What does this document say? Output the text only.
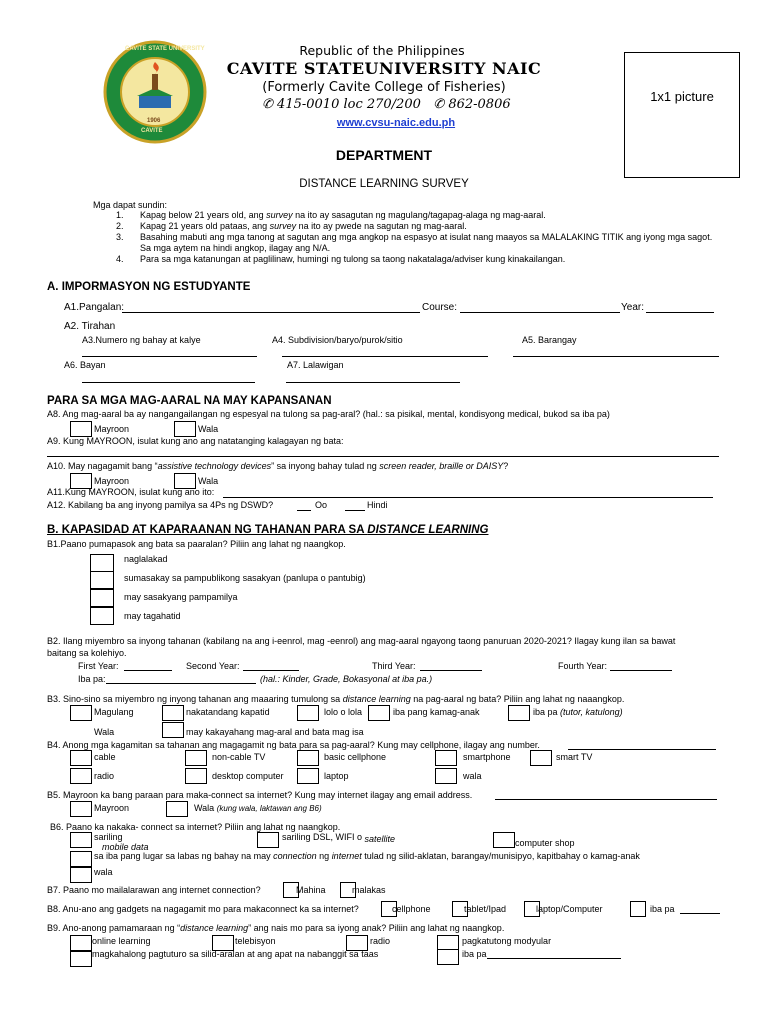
CAVITE STATE UNIVERSITY
CAVITE
1906
Republic of the Philippines
CAVITE STATEUNIVERSITY NAIC
(Formerly Cavite College of Fisheries)
✆ 415-0010 loc 270/200 ✆ 862-0806
www.cvsu-naic.edu.ph
1x1 picture
DEPARTMENT
DISTANCE LEARNING SURVEY
Mga dapat sundin:
1. Kapag below 21 years old, ang survey na ito ay sasagutan ng magulang/tagapag-alaga ng mag-aaral.
2. Kapag 21 years old pataas, ang survey na ito ay pwede na sagutan ng mag-aaral.
3. Basahing mabuti ang mga tanong at sagutan ang mga angkop na espasyo at isulat nang maayos sa MALALAKING TITIK ang iyong mga sagot.
Sa mga aytem na hindi angkop, ilagay ang N/A.
4. Para sa mga katanungan at paglilinaw, humingi ng tulong sa taong nakatalaga/adviser kung kinakailangan.
A. IMPORMASYON NG ESTUDYANTE
A1.Pangalan:	Course:	Year:
A2. Tirahan
A3.Numero ng bahay at kalye	A4. Subdivision/baryo/purok/sitio	A5. Barangay
A6. Bayan	A7. Lalawigan
PARA SA MGA MAG-AARAL NA MAY KAPANSANAN
A8. Ang mag-aaral ba ay nangangailangan ng espesyal na tulong sa pag-aral? (hal.: sa pisikal, mental, kondisyong medical, bukod sa iba pa)
Mayroon	Wala
A9. Kung MAYROON, isulat kung ano ang natatanging kalagayan ng bata:
A10. May nagagamit bang “assistive technology devices” sa inyong bahay tulad ng screen reader, braille or DAISY?
Mayroon	Wala
A11.Kung MAYROON, isulat kung ano ito:
A12. Kabilang ba ang inyong pamilya sa 4Ps ng DSWD?	Oo	Hindi
B. KAPASIDAD AT KAPARAANAN NG TAHANAN PARA SA DISTANCE LEARNING
B1.Paano pumapasok ang bata sa paaralan? Piliin ang lahat ng naangkop.
naglalakad
sumasakay sa pampublikong sasakyan (panlupa o pantubig)
may sasakyang pampamilya
may tagahatid
B2. Ilang miyembro sa inyong tahanan (kabilang na ang i-eenrol, mag -eenrol) ang mag-aaral ngayong taong panuruan 2020-2021? Ilagay kung ilan sa bawat
baitang sa kolehiyo.
First Year:	Second Year:	Third Year:	Fourth Year:
Iba pa:	(hal.: Kinder, Grade, Bokasyonal at iba pa.)
B3. Sino-sino sa miyembro ng inyong tahanan ang maaaring tumulong sa distance learning na pag-aaral ng bata? Piliin ang lahat ng naaangkop.
Magulang	nakatandang kapatid	lolo o lola	iba pang kamag-anak	iba pa (tutor, katulong)
Wala	may kakayahang mag-aral and bata mag isa
B4. Anong mga kagamitan sa tahanan ang magagamit ng bata para sa pag-aaral? Kung may cellphone, ilagay ang number.
cable	non-cable TV	basic cellphone	smartphone	smart TV
radio	desktop computer	laptop	wala
B5. Mayroon ka bang paraan para maka-connect sa internet? Kung may internet ilagay ang email address.
Mayroon	Wala (kung wala, laktawan ang B6)
B6. Paano ka nakaka- connect sa internet? Piliin ang lahat ng naangkop.
sariling
mobile data
sariling DSL, WIFI o satellite	computer shop
sa iba pang lugar sa labas ng bahay na may connection ng internet tulad ng silid-aklatan, barangay/munisipyo, kapitbahay o kamag-anak
wala
B7. Paano mo mailalarawan ang internet connection?	Mahina	malakas
B8. Anu-ano ang gadgets na nagagamit mo para makaconnect ka sa internet?	cellphone	tablet/Ipad	laptop/Computer	iba pa
B9. Ano-anong pamamaraan ng “distance learning” ang nais mo para sa iyong anak? Piliin ang lahat ng naangkop.
online learning	telebisyon	radio	pagkatutong modyular
magkahalong pagtuturo sa silid-aralan at ang apat na nabanggit sa taas	iba pa
